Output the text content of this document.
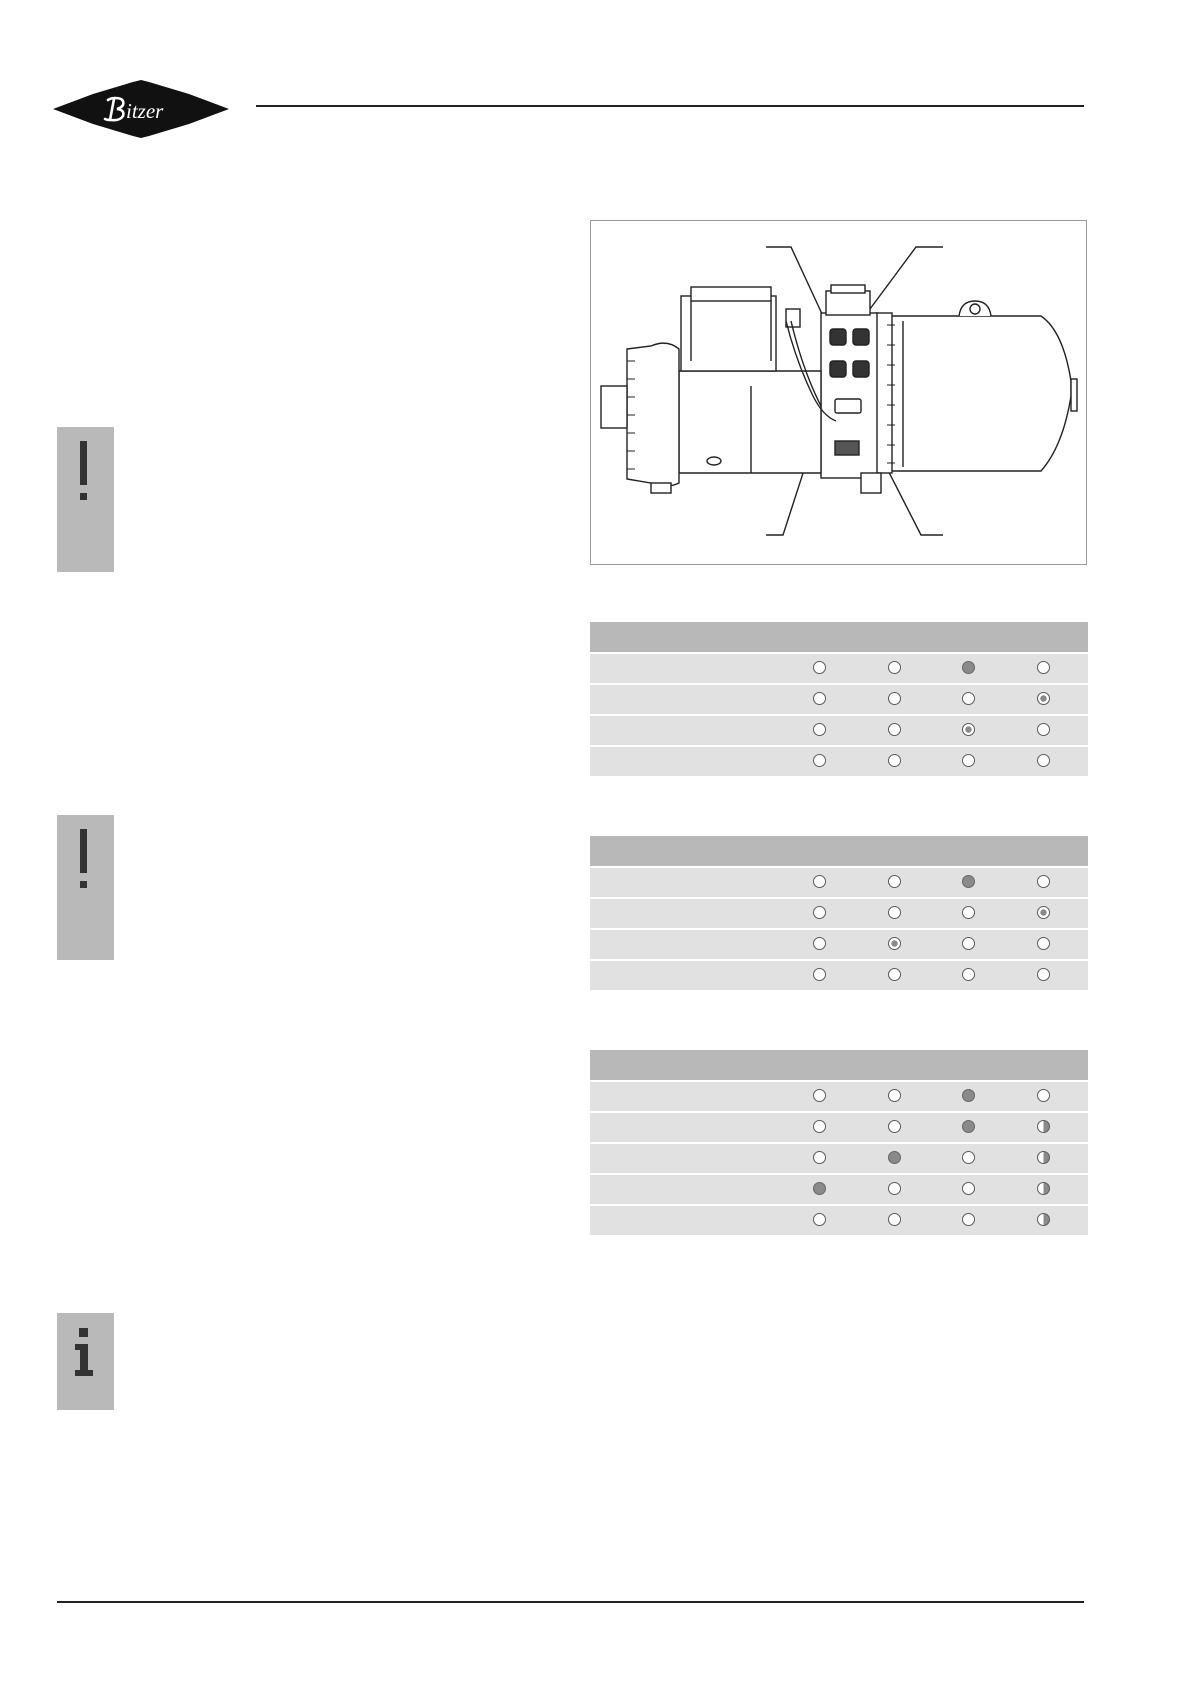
itzer
